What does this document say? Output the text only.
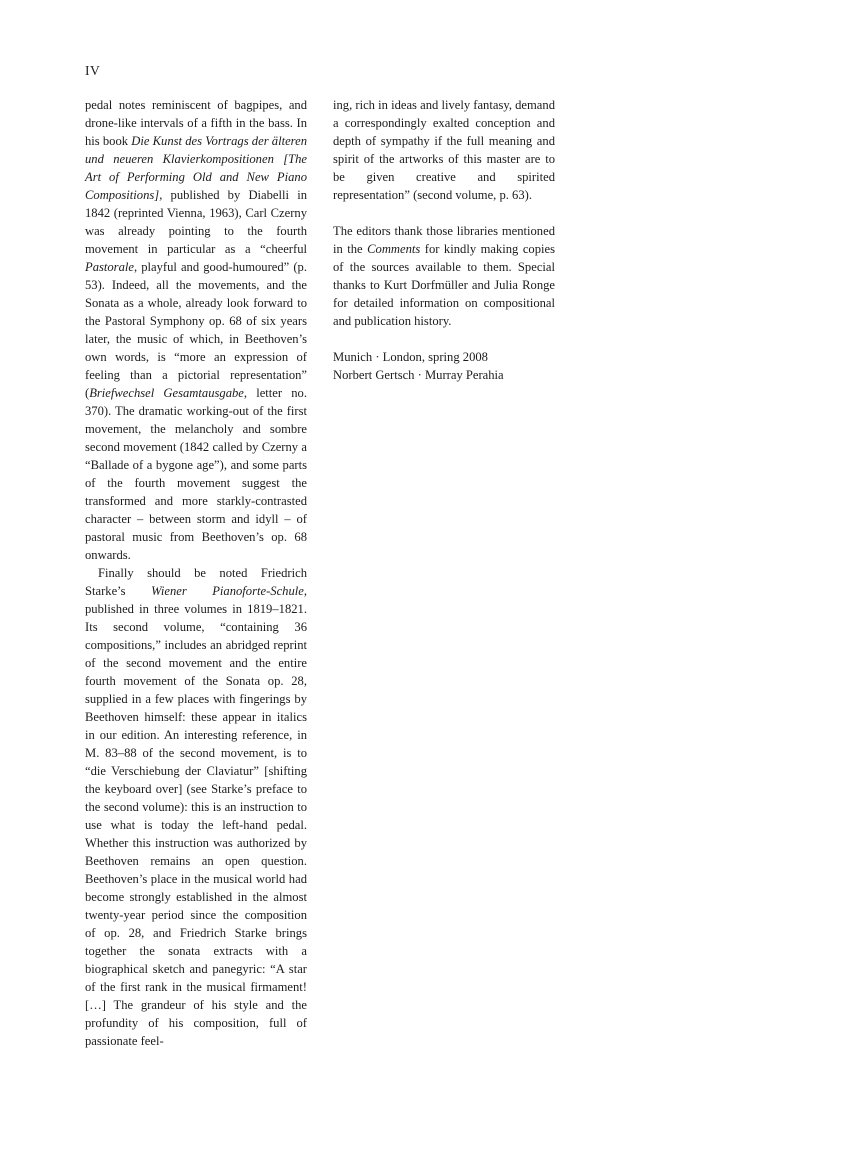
IV
pedal notes reminiscent of bagpipes, and drone-like intervals of a fifth in the bass. In his book Die Kunst des Vortrags der älteren und neueren Klavierkompositionen [The Art of Performing Old and New Piano Compositions], published by Diabelli in 1842 (reprinted Vienna, 1963), Carl Czerny was already pointing to the fourth movement in particular as a “cheerful Pastorale, playful and good-humoured” (p. 53). Indeed, all the movements, and the Sonata as a whole, already look forward to the Pastoral Symphony op. 68 of six years later, the music of which, in Beethoven’s own words, is “more an expression of feeling than a pictorial representation” (Briefwechsel Gesamtausgabe, letter no. 370). The dramatic working-out of the first movement, the melancholy and sombre second movement (1842 called by Czerny a “Ballade of a bygone age”), and some parts of the fourth movement suggest the transformed and more starkly-contrasted character – between storm and idyll – of pastoral music from Beethoven’s op. 68 onwards.
Finally should be noted Friedrich Starke’s Wiener Pianoforte-Schule, published in three volumes in 1819–1821. Its second volume, “containing 36 compositions,” includes an abridged reprint of the second movement and the entire fourth movement of the Sonata op. 28, supplied in a few places with fingerings by Beethoven himself: these appear in italics in our edition. An interesting reference, in M. 83–88 of the second movement, is to “die Verschiebung der Claviatur” [shifting the keyboard over] (see Starke’s preface to the second volume): this is an instruction to use what is today the left-hand pedal. Whether this instruction was authorized by Beethoven remains an open question. Beethoven’s place in the musical world had become strongly established in the almost twenty-year period since the composition of op. 28, and Friedrich Starke brings together the sonata extracts with a biographical sketch and panegyric: “A star of the first rank in the musical firmament! […] The grandeur of his style and the profundity of his composition, full of passionate feel-
ing, rich in ideas and lively fantasy, demand a correspondingly exalted conception and depth of sympathy if the full meaning and spirit of the artworks of this master are to be given creative and spirited representation” (second volume, p. 63).
The editors thank those libraries mentioned in the Comments for kindly making copies of the sources available to them. Special thanks to Kurt Dorfmüller and Julia Ronge for detailed information on compositional and publication history.
Munich · London, spring 2008
Norbert Gertsch · Murray Perahia
